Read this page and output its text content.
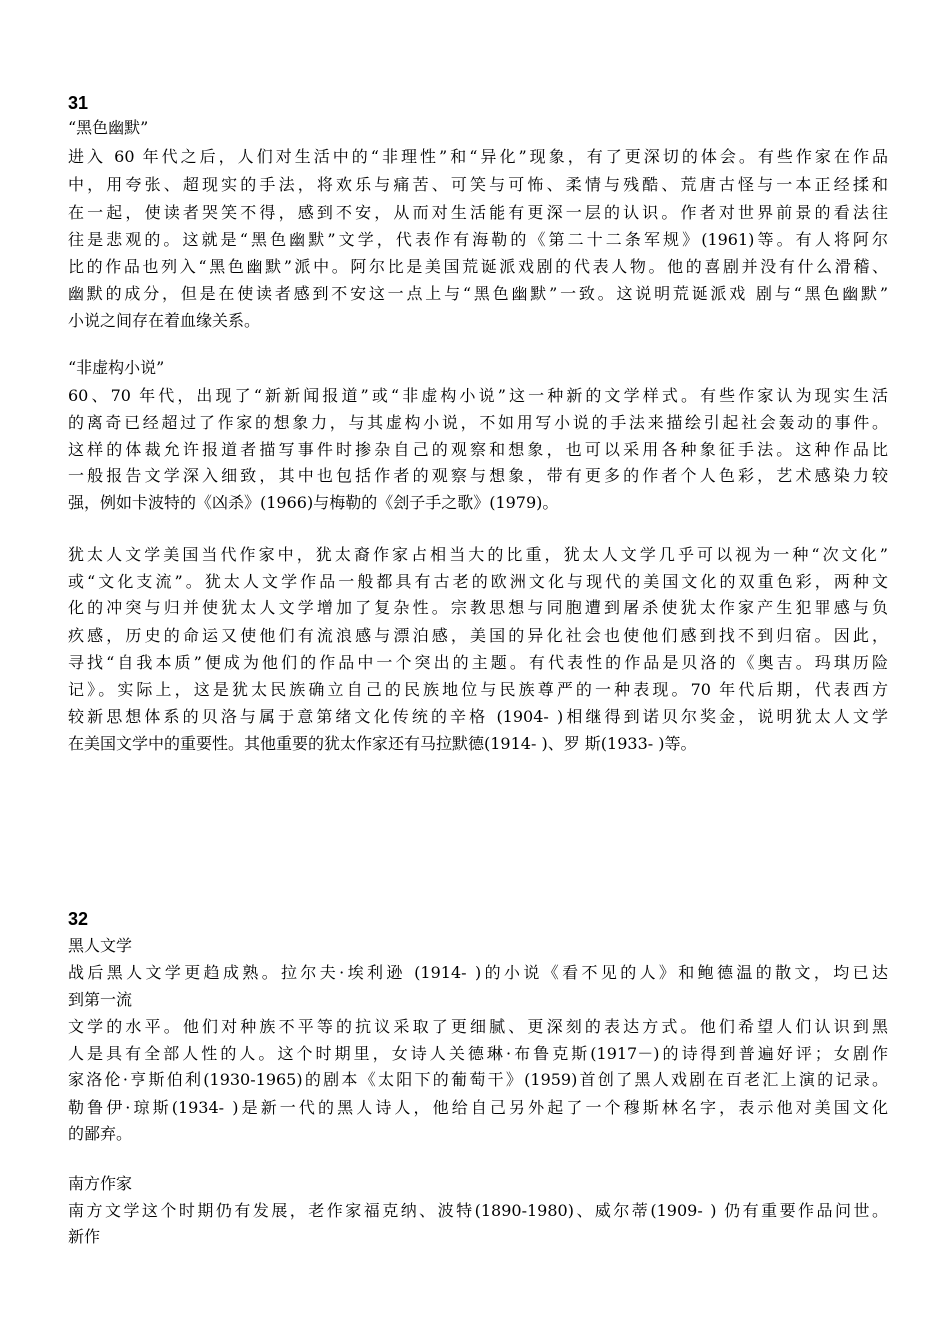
31
“黑色幽默”
进入 60 年代之后，人们对生活中的“非理性”和“异化”现象，有了更深切的体会。有些作家在作品
中，用夸张、超现实的手法，将欢乐与痛苦、可笑与可怖、柔情与残酷、荒唐古怪与一本正经揉和
在一起，使读者哭笑不得，感到不安，从而对生活能有更深一层的认识。作者对世界前景的看法往
往是悲观的。这就是“黑色幽默”文学，代表作有海勒的《第二十二条军规》(1961)等。有人将阿尔
比的作品也列入“黑色幽默”派中。阿尔比是美国荒诞派戏剧的代表人物。他的喜剧并没有什么滑稽、
幽默的成分，但是在使读者感到不安这一点上与“黑色幽默”一致。这说明荒诞派戏 剧与“黑色幽默”
小说之间存在着血缘关系。
“非虚构小说”
60、70 年代，出现了“新新闻报道”或“非虚构小说”这一种新的文学样式。有些作家认为现实生活
的离奇已经超过了作家的想象力，与其虚构小说，不如用写小说的手法来描绘引起社会轰动的事件。
这样的体裁允许报道者描写事件时掺杂自己的观察和想象，也可以采用各种象征手法。这种作品比
一般报告文学深入细致，其中也包括作者的观察与想象，带有更多的作者个人色彩，艺术感染力较
强，例如卡波特的《凶杀》(1966)与梅勒的《刽子手之歌》(1979)。
犹太人文学美国当代作家中，犹太裔作家占相当大的比重，犹太人文学几乎可以视为一种“次文化”
或“文化支流”。犹太人文学作品一般都具有古老的欧洲文化与现代的美国文化的双重色彩，两种文
化的冲突与归并使犹太人文学增加了复杂性。宗教思想与同胞遭到屠杀使犹太作家产生犯罪感与负
疚感，历史的命运又使他们有流浪感与漂泊感，美国的异化社会也使他们感到找不到归宿。因此，
寻找“自我本质”便成为他们的作品中一个突出的主题。有代表性的作品是贝洛的《奥吉。玛琪历险
记》。实际上，这是犹太民族确立自己的民族地位与民族尊严的一种表现。70 年代后期，代表西方
较新思想体系的贝洛与属于意第绪文化传统的辛格 (1904- )相继得到诺贝尔奖金，说明犹太人文学
在美国文学中的重要性。其他重要的犹太作家还有马拉默德(1914- )、罗 斯(1933- )等。
32
黑人文学
战后黑人文学更趋成熟。拉尔夫·埃利逊 (1914- )的小说《看不见的人》和鲍德温的散文，均已达
到第一流
文学的水平。他们对种族不平等的抗议采取了更细腻、更深刻的表达方式。他们希望人们认识到黑
人是具有全部人性的人。这个时期里，女诗人关德琳·布鲁克斯(1917－)的诗得到普遍好评；女剧作
家洛伦·亨斯伯利(1930-1965)的剧本《太阳下的葡萄干》(1959)首创了黑人戏剧在百老汇上演的记录。
勒鲁伊·琼斯(1934- )是新一代的黑人诗人，他给自己另外起了一个穆斯林名字，表示他对美国文化
的鄙弃。
南方作家
南方文学这个时期仍有发展，老作家福克纳、波特(1890-1980)、威尔蒂(1909- ) 仍有重要作品问世。
新作
